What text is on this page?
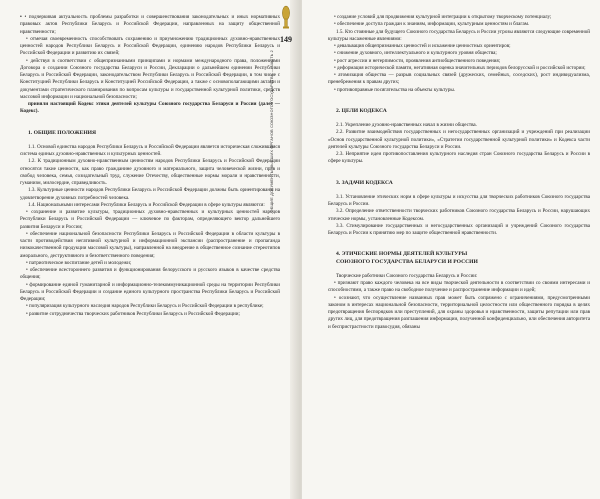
• • подчеркивая актуальность проблемы разработки и совершенствования законодательных и иных нормативных правовых актов Республики Беларусь и Российской Федерации, направленных на защиту общественной нравственности;

• отмечая своевременность способствовать сохранению и приумножению традиционных духовно-нравственных ценностей народов Республики Беларусь и Российской Федерации, единению народов Республики Беларусь и Российской Федерации и развитию их связей;

• действуя в соответствии с общепризнанными принципами и нормами международного права, положениями Договора о создании Союзного государства Беларуси и России, Декларации о дальнейшем единении Республики Беларусь и Российской Федерации, законодательством Республики Беларусь и Российской Федерации, в том числе с Конституцией Республики Беларусь и Конституцией Российской Федерации, а также с основополагающими актами и документами стратегического планирования по вопросам культуры и государственной культурной политики, средств массовой информации и национальной безопасности;

приняли настоящий Кодекс этики деятелей культуры Союзного государства Беларуси и России (далее — Кодекс).

1. ОБЩИЕ ПОЛОЖЕНИЯ

1.1. Основой единства народов Республики Беларусь и Российской Федерации является историческая сложившаяся система единых духовно-нравственных и культурных ценностей.

1.2. К традиционным духовно-нравственным ценностям народов Республики Беларусь и Российской Федерации относятся такие ценности, как право гражданине духовного и материального, защита человеческой жизни, прав и свобод человека, семья, созидательный труд, служение Отечеству, общественные нормы морали и нравственности, гуманизм, милосердие, справедливость.

1.3. Культурные ценности народов Республики Беларусь и Российской Федерации должны быть ориентированы на удовлетворение духовных потребностей человека.

1.4. Национальными интересами Республики Беларусь и Российской Федерации в сфере культуры являются:

• сохранение и развитие культуры, традиционных духовно-нравственных и культурных ценностей народов Республики Беларусь и Российской Федерации — ключевое по факторам, определяющего вектор дальнейшего развития Беларуси и России;

• обеспечение национальной безопасности Республики Беларусь и Российской Федерации в области культуры в части противодействия негативной культурной и информационной экспансии (распространение и пропаганда низкокачественной продукции массовой культуры), направленной на внедрение в общественное сознание стереотипов аморального, деструктивного и безответственного поведения;

• патриотическое воспитание детей и молодежи;

• обеспечение всестороннего развития и функционирования белорусского и русского языков в качестве средства общения;

• формирование единой гуманитарной и информационно-телекоммуникационной среды на территории Республики Беларусь и Российской Федерации и создание единого культурного пространства Республики Беларусь и Российской Федерации;

• популяризация культурного наследия народов Республики Беларусь и Российской Федерации в республике;

• развитие сотрудничества творческих работников Республики Беларусь и Российской Федерации;

149
ОБЩИЕ ДОКУМЕНТЫ ВЫСШИХ ОРГАНОВ СОЮЗНОГО ГОСУДАРСТВА — ЧАСТЬ 2

• создание условий для продвижения культурной интеграции к открытому творческому потенциалу;

• обеспечение доступа граждан к знаниям, информации, культурным ценностям и благам.

1.5. Кто стоянные для будущего Союзного государства Беларусь и России угрозы являются следующие современной культуры насаженные явлениями:

• девальвация общепризнанных ценностей и искажение ценностных ориентиров;

• снижение духовного, интеллектуального и культурного уровня общества;

• рост агрессии и нетерпимости, проявления антиобщественного поведения;

• деформация исторической памяти, негативная оценка значительных периодов белорусской и российской истории;

• атомизация общества — разрыв социальных связей (дружеских, семейных, соседских), рост индивидуализма, пренебрежения к правам других;

• противоправные посягательства на объекты культуры.

2. ЦЕЛИ КОДЕКСА

2.1. Укрепление духовно-нравственных начал в жизни общества.

2.2. Развитие взаимодействия государственных и негосударственных организаций и учреждений при реализации «Основ государственной культурной политики», «Стратегии государственной культурной политики» и Кодекса части деятелей культуры Союзного государства Беларуси и России.

2.3. Неприятие идеи противопоставления культурного наследия стран Союзного государства Беларусь и России в сфере культуры.

3. ЗАДАЧИ КОДЕКСА

3.1. Установление этических норм в сфере культуры и искусства для творческих работников Союзного государства Беларусь и России.

3.2. Определение ответственности творческих работников Союзного государства Беларусь и России, нарушающих этические нормы, установленные Кодексом.

3.3. Стимулирование государственных и негосударственных организаций и учреждений Союзного государства Беларусь и России к принятию мер по защите общественной нравственности.

4. ЭТИЧЕСКИЕ НОРМЫ ДЕЯТЕЛЕЙ КУЛЬТУРЫ
СОЮЗНОГО ГОСУДАРСТВА БЕЛАРУСИ И РОССИИ

Творческие работники Союзного государства Беларусь и России:

• признают право каждого человека на все виды творческой деятельности в соответствии со своими интересами и способностями, а также право на свободное получение и распространение информации и идей;

• осознают, что осуществление названных прав может быть сопряжено с ограничениями, предусмотренными законом в интересах национальной безопасности, территориальной целостности или общественного порядка в целях предотвращения беспорядков или преступлений, для охраны здоровья и нравственности, защиты репутации или прав других лиц, для предотвращения разглашения информации, полученной конфиденциально, или обеспечения авторитета и беспристрастности правосудия, обязаны
